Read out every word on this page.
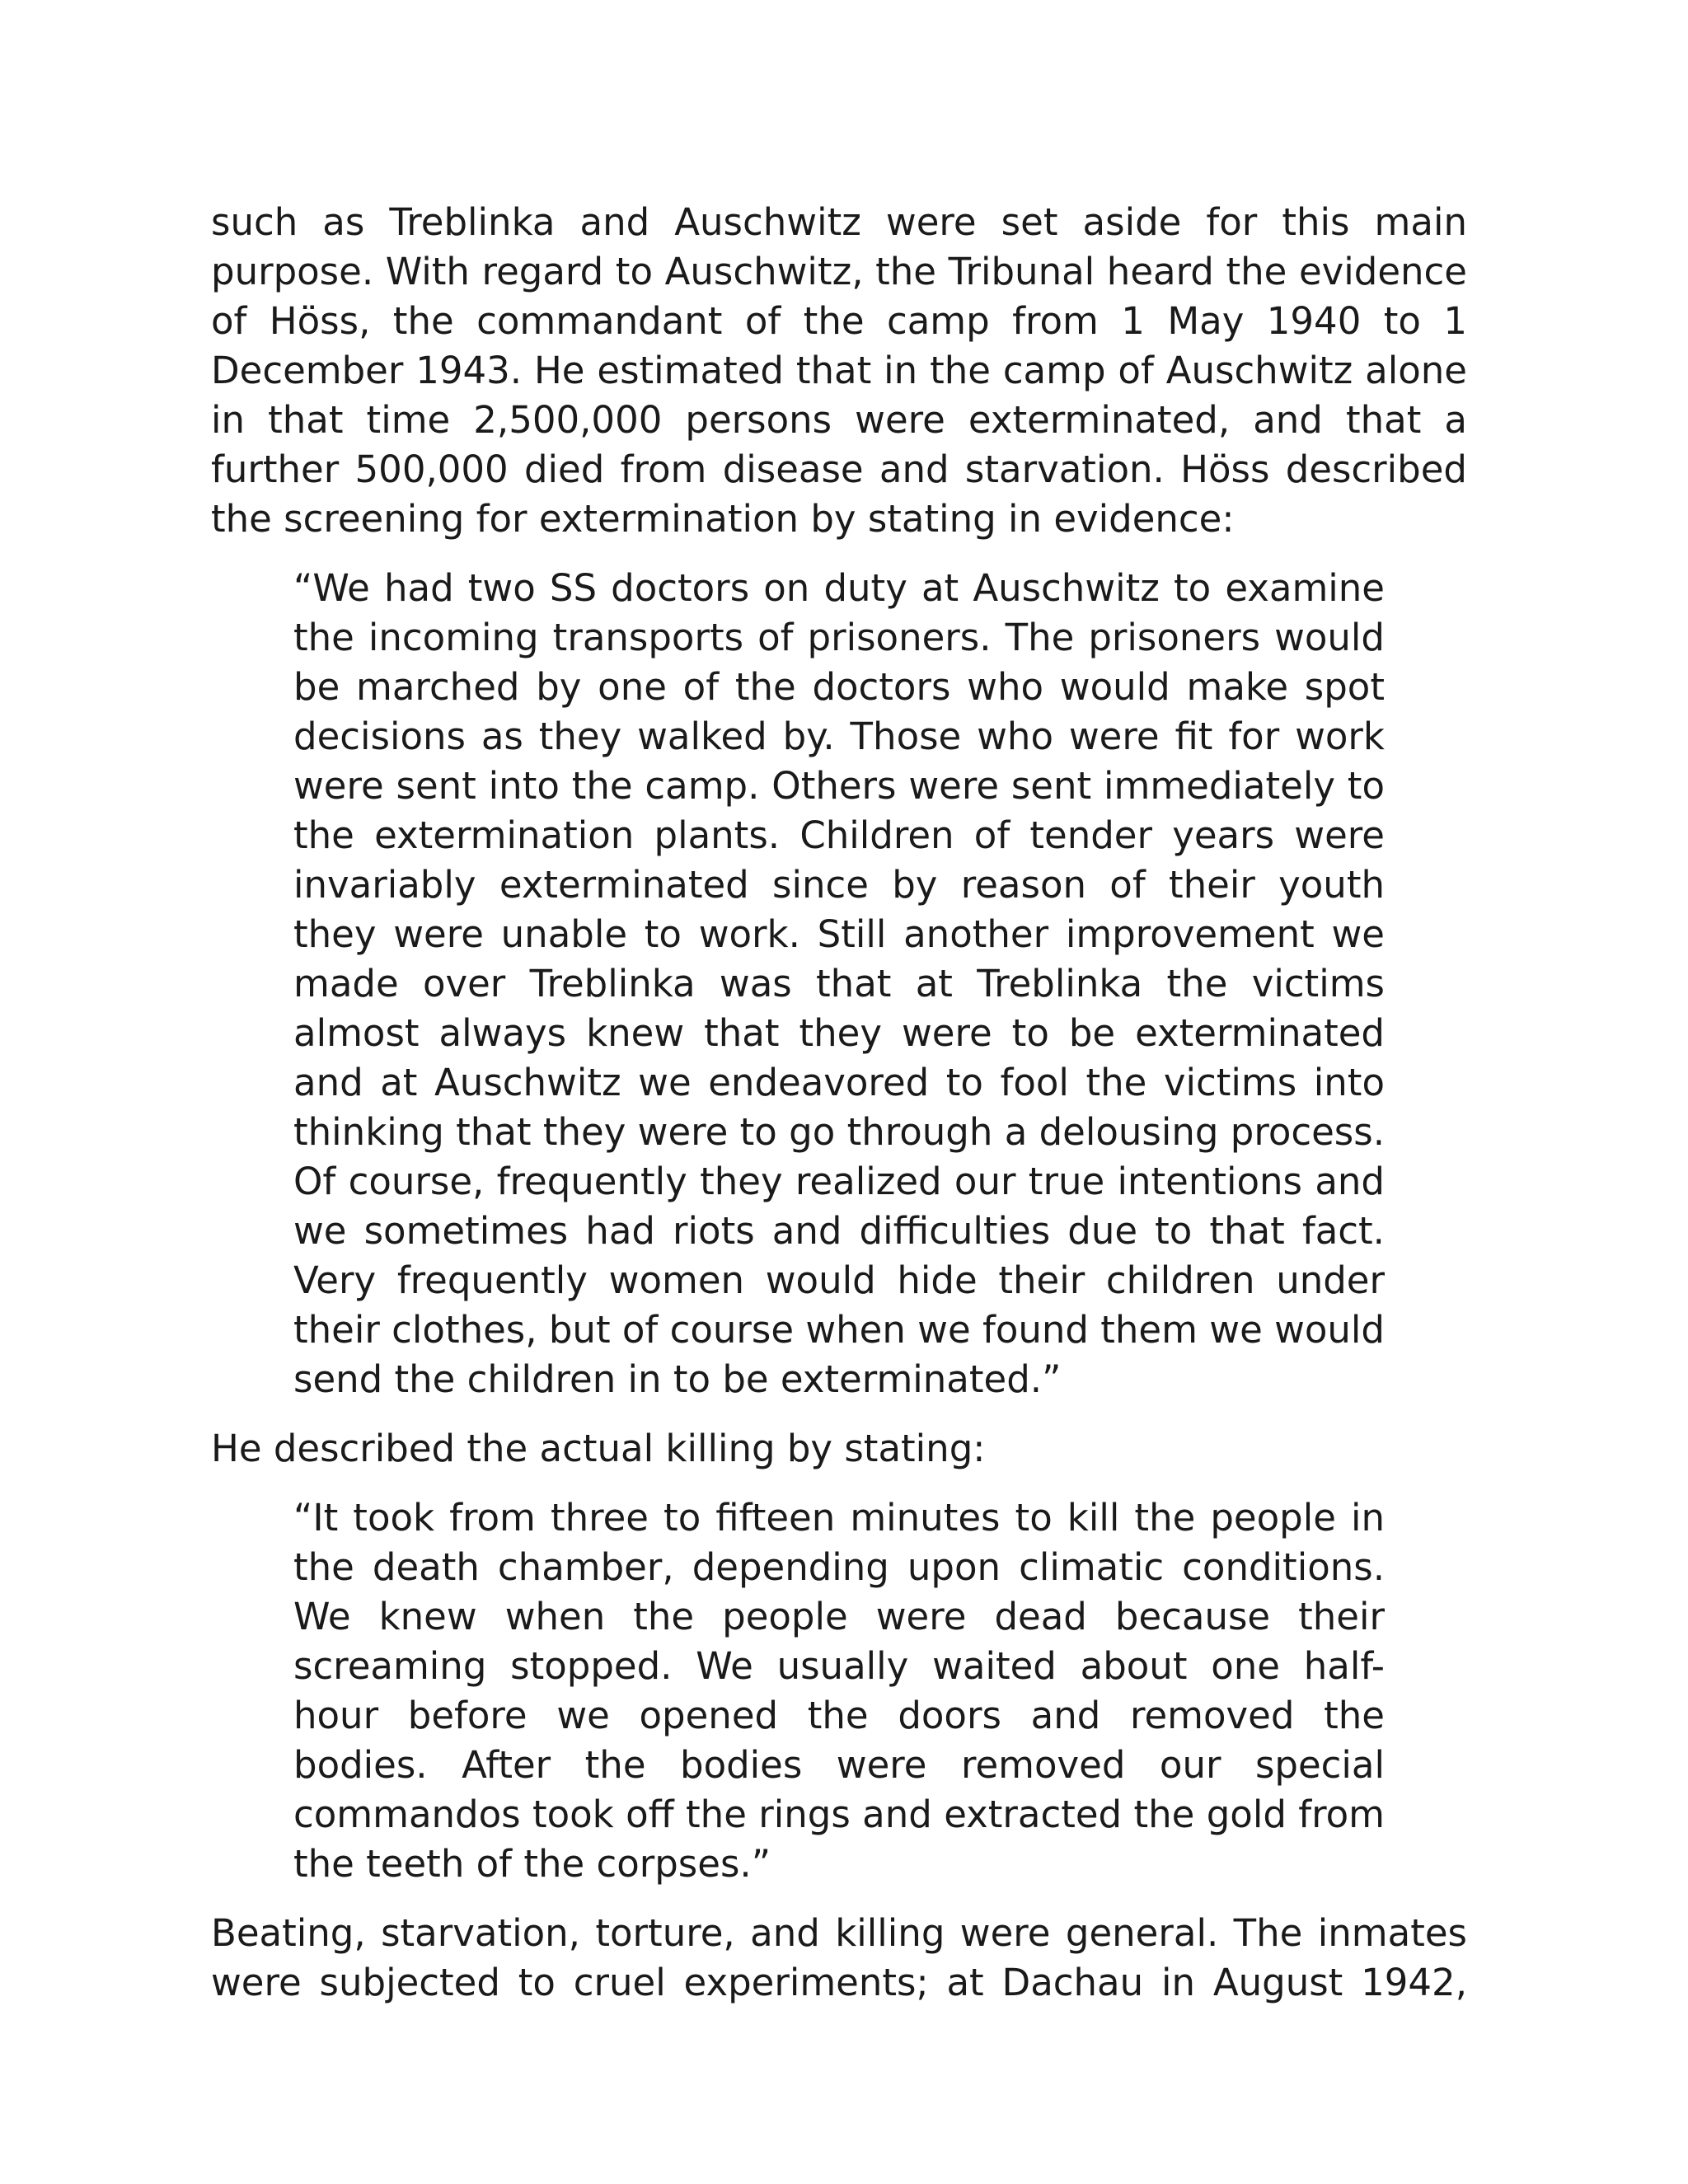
such as Treblinka and Auschwitz were set aside for this main purpose. With regard to Auschwitz, the Tribunal heard the evidence of Höss, the commandant of the camp from 1 May 1940 to 1 December 1943. He estimated that in the camp of Auschwitz alone in that time 2,500,000 persons were exterminated, and that a further 500,000 died from disease and starvation. Höss described the screening for extermination by stating in evidence:

“We had two SS doctors on duty at Auschwitz to examine the incoming transports of prisoners. The prisoners would be marched by one of the doctors who would make spot decisions as they walked by. Those who were fit for work were sent into the camp. Others were sent immediately to the extermination plants. Children of tender years were invariably exterminated since by reason of their youth they were unable to work. Still another improvement we made over Treblinka was that at Treblinka the victims almost always knew that they were to be exterminated and at Auschwitz we endeavored to fool the victims into thinking that they were to go through a delousing process. Of course, frequently they realized our true intentions and we sometimes had riots and difficulties due to that fact. Very frequently women would hide their children under their clothes, but of course when we found them we would send the children in to be exterminated.”

He described the actual killing by stating:

“It took from three to fifteen minutes to kill the people in the death chamber, depending upon climatic conditions. We knew when the people were dead because their screaming stopped. We usually waited about one half-hour before we opened the doors and removed the bodies. After the bodies were removed our special commandos took off the rings and extracted the gold from the teeth of the corpses.”

Beating, starvation, torture, and killing were general. The inmates were subjected to cruel experiments; at Dachau in August 1942,
